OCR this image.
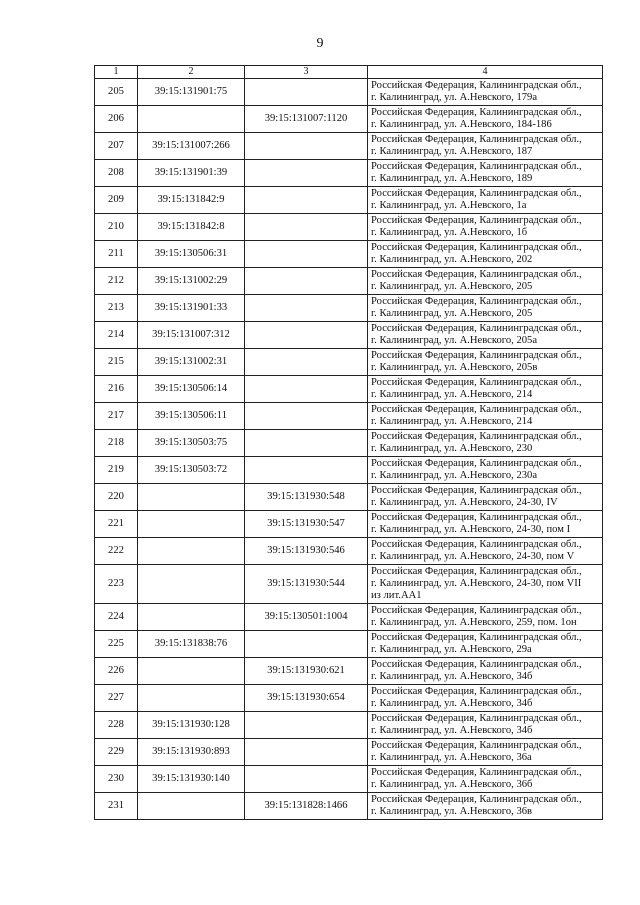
9
1	2	3	4
205	39:15:131901:75		Российская Федерация, Калининградская обл.,
г. Калининград, ул. А.Невского, 179а

206		39:15:131007:1120	Российская Федерация, Калининградская обл.,
г. Калининград, ул. А.Невского, 184-186

207	39:15:131007:266		Российская Федерация, Калининградская обл.,
г. Калининград, ул. А.Невского, 187

208	39:15:131901:39		Российская Федерация, Калининградская обл.,
г. Калининград, ул. А.Невского, 189

209	39:15:131842:9		Российская Федерация, Калининградская обл.,
г. Калининград, ул. А.Невского, 1а

210	39:15:131842:8		Российская Федерация, Калининградская обл.,
г. Калининград, ул. А.Невского, 1б

211	39:15:130506:31		Российская Федерация, Калининградская обл.,
г. Калининград, ул. А.Невского, 202

212	39:15:131002:29		Российская Федерация, Калининградская обл.,
г. Калининград, ул. А.Невского, 205

213	39:15:131901:33		Российская Федерация, Калининградская обл.,
г. Калининград, ул. А.Невского, 205

214	39:15:131007:312		Российская Федерация, Калининградская обл.,
г. Калининград, ул. А.Невского, 205а

215	39:15:131002:31		Российская Федерация, Калининградская обл.,
г. Калининград, ул. А.Невского, 205в

216	39:15:130506:14		Российская Федерация, Калининградская обл.,
г. Калининград, ул. А.Невского, 214

217	39:15:130506:11		Российская Федерация, Калининградская обл.,
г. Калининград, ул. А.Невского, 214

218	39:15:130503:75		Российская Федерация, Калининградская обл.,
г. Калининград, ул. А.Невского, 230

219	39:15:130503:72		Российская Федерация, Калининградская обл.,
г. Калининград, ул. А.Невского, 230а

220		39:15:131930:548	Российская Федерация, Калининградская обл.,
г. Калининград, ул. А.Невского, 24-30, IV

221		39:15:131930:547	Российская Федерация, Калининградская обл.,
г. Калининград, ул. А.Невского, 24-30, пом I

222		39:15:131930:546	Российская Федерация, Калининградская обл.,
г. Калининград, ул. А.Невского, 24-30, пом V

223		39:15:131930:544	Российская Федерация, Калининградская обл.,
г. Калининград, ул. А.Невского, 24-30, пом VII
из лит.АА1

224		39:15:130501:1004	Российская Федерация, Калининградская обл.,
г. Калининград, ул. А.Невского, 259, пом. 1он

225	39:15:131838:76		Российская Федерация, Калининградская обл.,
г. Калининград, ул. А.Невского, 29а

226		39:15:131930:621	Российская Федерация, Калининградская обл.,
г. Калининград, ул. А.Невского, 34б

227		39:15:131930:654	Российская Федерация, Калининградская обл.,
г. Калининград, ул. А.Невского, 34б

228	39:15:131930:128		Российская Федерация, Калининградская обл.,
г. Калининград, ул. А.Невского, 34б

229	39:15:131930:893		Российская Федерация, Калининградская обл.,
г. Калининград, ул. А.Невского, 36а

230	39:15:131930:140		Российская Федерация, Калининградская обл.,
г. Калининград, ул. А.Невского, 36б

231		39:15:131828:1466	Российская Федерация, Калининградская обл.,
г. Калининград, ул. А.Невского, 36в
